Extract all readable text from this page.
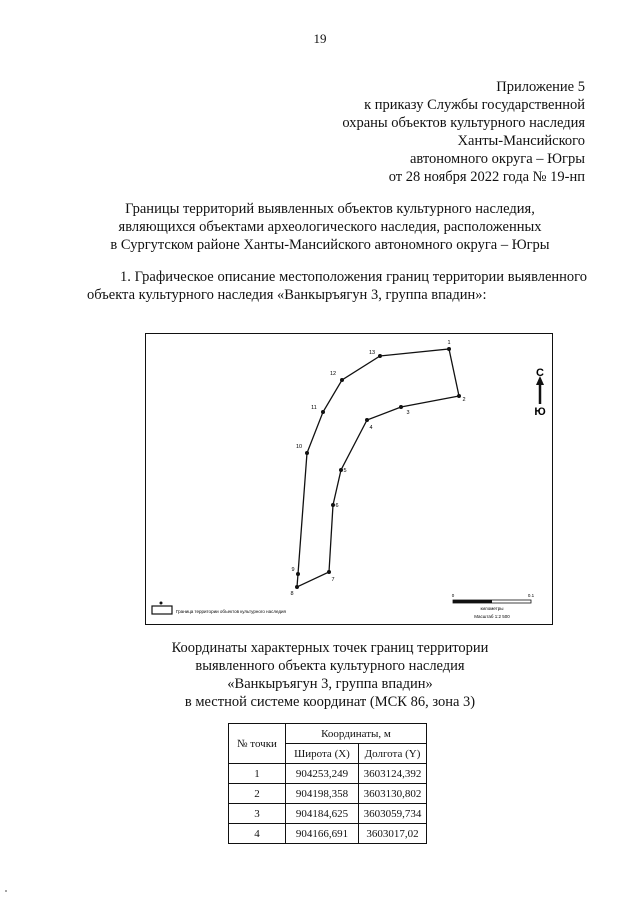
19
Приложение 5
к приказу Службы государственной
охраны объектов культурного наследия
Ханты-Мансийского
автономного округа – Югры
от 28 ноября 2022 года № 19-нп
Границы территорий выявленных объектов культурного наследия,
являющихся объектами археологического наследия, расположенных
в Сургутском районе Ханты-Мансийского автономного округа – Югры
1. Графическое описание местоположения границ территории выявленного объекта культурного наследия «Ванкыръягун 3, группа впадин»:
1
2
3
4
5
6
7
8
9
10
11
12
13
С
Ю
Граница территории объектов культурного наследия
0	0.1
километры
Масштаб 1:2 500
Координаты характерных точек границ территории
выявленного объекта культурного наследия
«Ванкыръягун 3, группа впадин»
в местной системе координат (МСК 86, зона 3)
№ точки	Координаты, м	
	Широта (X)	Долгота (Y)
1	904253,249	3603124,392
2	904198,358	3603130,802
3	904184,625	3603059,734
4	904166,691	3603017,02
